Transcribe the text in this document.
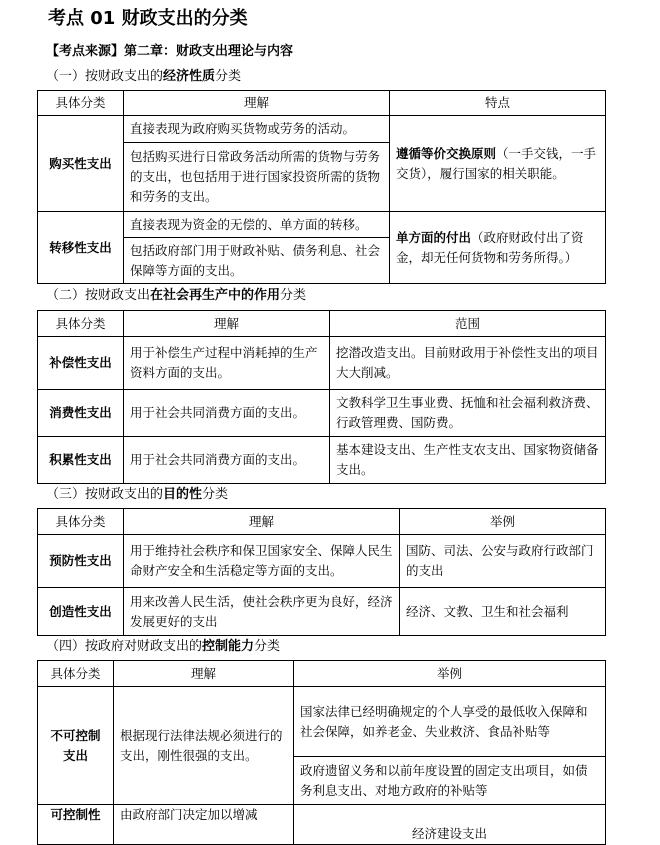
考点 01 财政支出的分类
【考点来源】第二章：财政支出理论与内容
（一）按财政支出的经济性质分类
具体分类	理解	特点
购买性支出	直接表现为政府购买货物或劳务的活动。	遵循等价交换原则（一手交钱，一手交货），履行国家的相关职能。
	包括购买进行日常政务活动所需的货物与劳务的支出，也包括用于进行国家投资所需的货物和劳务的支出。	
转移性支出	直接表现为资金的无偿的、单方面的转移。	单方面的付出（政府财政付出了资金，却无任何货物和劳务所得。）
	包括政府部门用于财政补贴、债务利息、社会保障等方面的支出。	
（二）按财政支出在社会再生产中的作用分类
具体分类	理解	范围
补偿性支出	用于补偿生产过程中消耗掉的生产资料方面的支出。	挖潜改造支出。目前财政用于补偿性支出的项目大大削减。
消费性支出	用于社会共同消费方面的支出。	文教科学卫生事业费、抚恤和社会福利救济费、行政管理费、国防费。
积累性支出	用于社会共同消费方面的支出。	基本建设支出、生产性支农支出、国家物资储备支出。
（三）按财政支出的目的性分类
具体分类	理解	举例
预防性支出	用于维持社会秩序和保卫国家安全、保障人民生命财产安全和生活稳定等方面的支出。	国防、司法、公安与政府行政部门的支出
创造性支出	用来改善人民生活，使社会秩序更为良好，经济发展更好的支出	经济、文教、卫生和社会福利
（四）按政府对财政支出的控制能力分类
具体分类	理解	举例
不可控制支出	根据现行法律法规必须进行的支出，刚性很强的支出。	国家法律已经明确规定的个人享受的最低收入保障和社会保障，如养老金、失业救济、食品补贴等
		政府遗留义务和以前年度设置的固定支出项目，如债务利息支出、对地方政府的补贴等
可控制性	由政府部门决定加以增减	经济建设支出
